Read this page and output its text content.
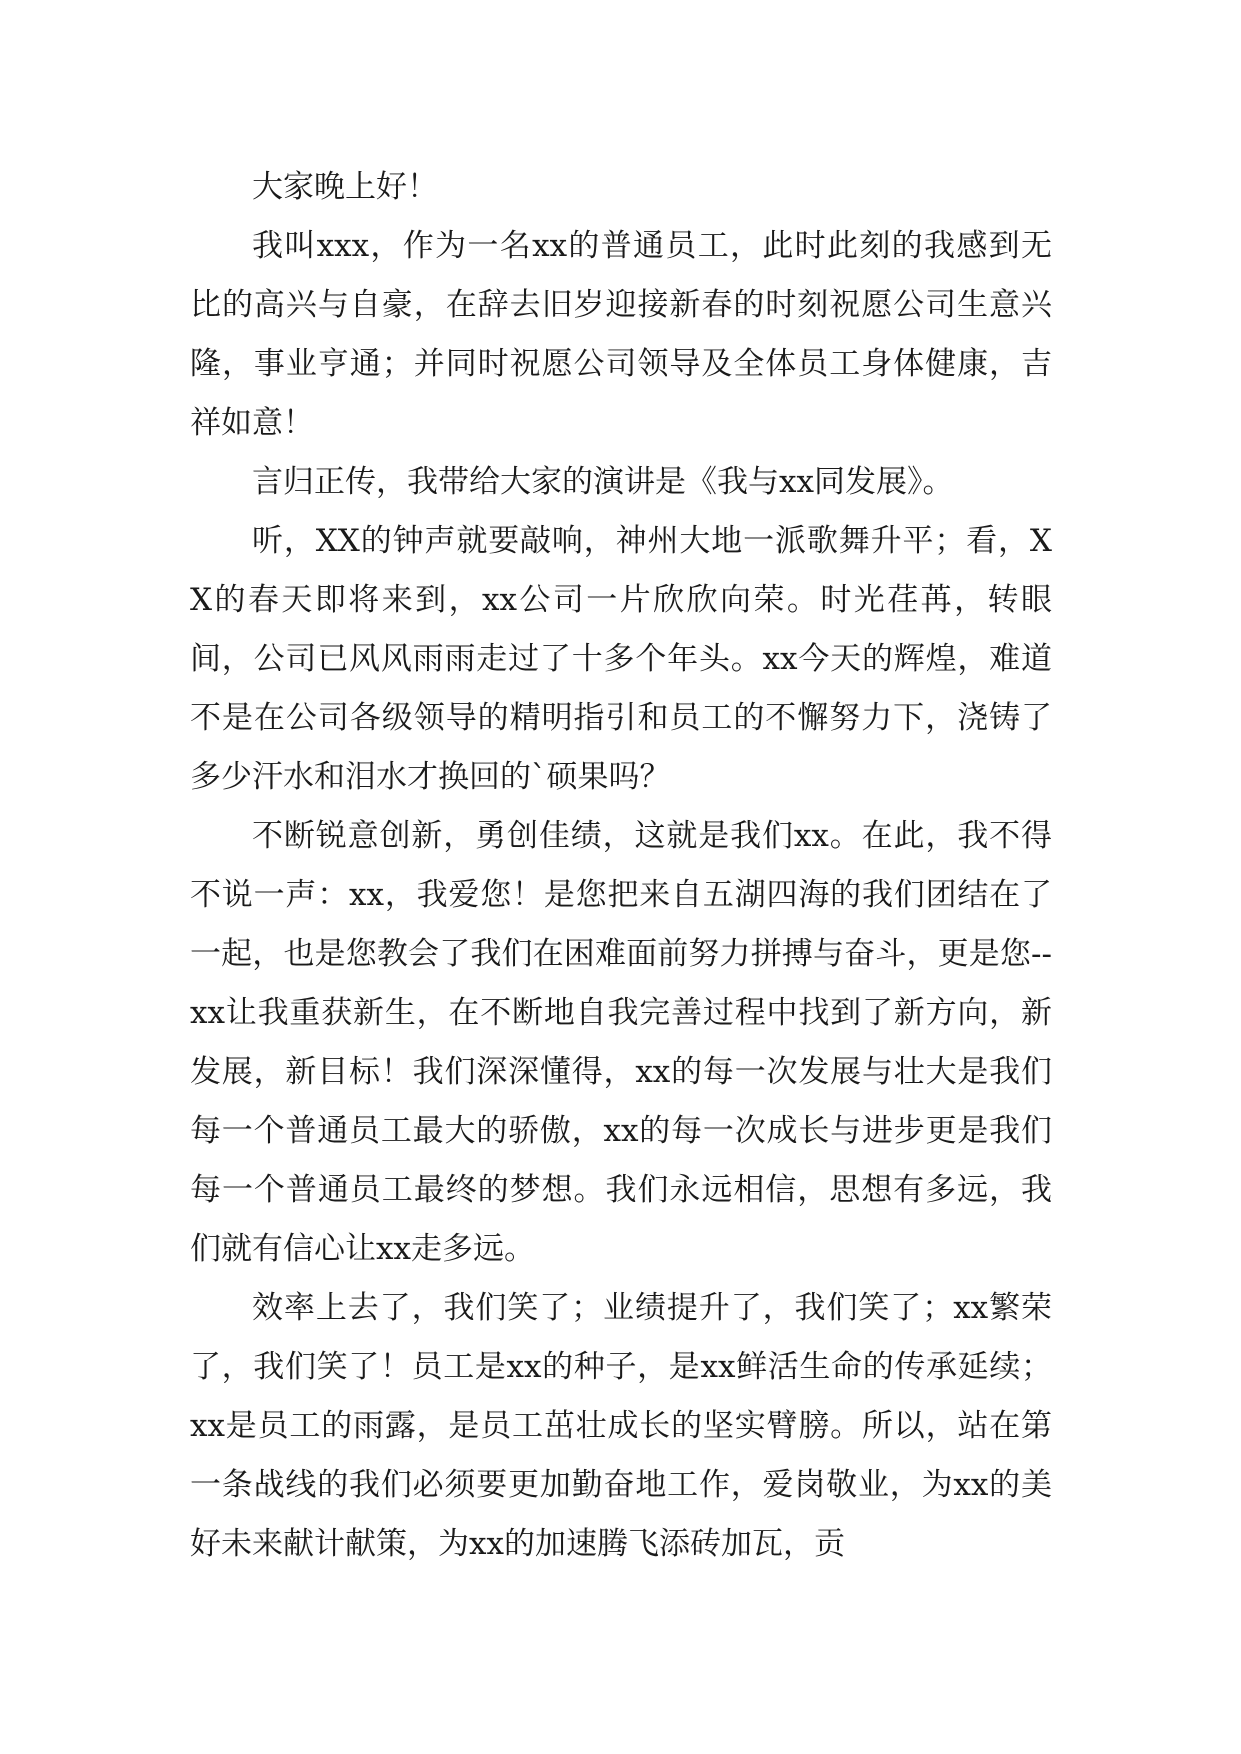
大家晚上好！

我叫xxx，作为一名xx的普通员工，此时此刻的我感到无比的高兴与自豪，在辞去旧岁迎接新春的时刻祝愿公司生意兴隆，事业亨通；并同时祝愿公司领导及全体员工身体健康，吉祥如意！

言归正传，我带给大家的演讲是《我与xx同发展》。

听，XX的钟声就要敲响，神州大地一派歌舞升平；看，XX的春天即将来到，xx公司一片欣欣向荣。时光荏苒，转眼间，公司已风风雨雨走过了十多个年头。xx今天的辉煌，难道不是在公司各级领导的精明指引和员工的不懈努力下，浇铸了多少汗水和泪水才换回的`硕果吗？

不断锐意创新，勇创佳绩，这就是我们xx。在此，我不得不说一声：xx，我爱您！是您把来自五湖四海的我们团结在了一起，也是您教会了我们在困难面前努力拼搏与奋斗，更是您--xx让我重获新生，在不断地自我完善过程中找到了新方向，新发展，新目标！我们深深懂得，xx的每一次发展与壮大是我们每一个普通员工最大的骄傲，xx的每一次成长与进步更是我们每一个普通员工最终的梦想。我们永远相信，思想有多远，我们就有信心让xx走多远。

效率上去了，我们笑了；业绩提升了，我们笑了；xx繁荣了，我们笑了！员工是xx的种子，是xx鲜活生命的传承延续；xx是员工的雨露，是员工茁壮成长的坚实臂膀。所以，站在第一条战线的我们必须要更加勤奋地工作，爱岗敬业，为xx的美好未来献计献策，为xx的加速腾飞添砖加瓦，贡
